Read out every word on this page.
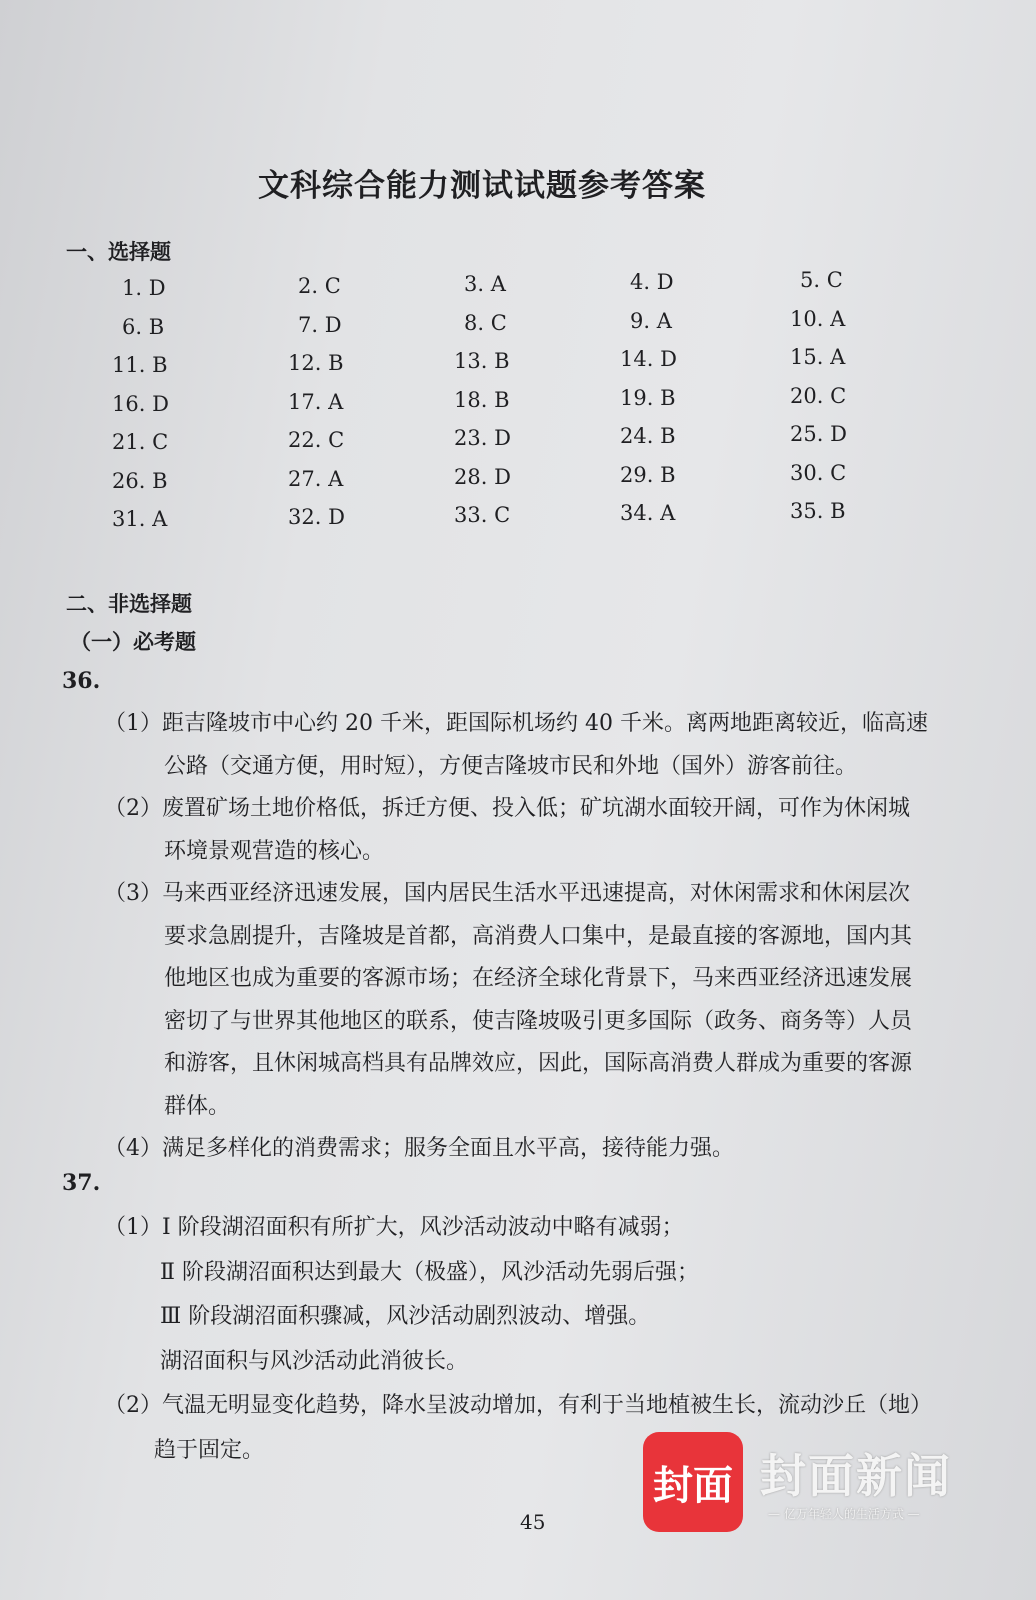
文科综合能力测试试题参考答案
一、选择题
1. D	2. C	3. A	4. D	5. C
6. B	7. D	8. C	9. A	10. A
11. B	12. B	13. B	14. D	15. A
16. D	17. A	18. B	19. B	20. C
21. C	22. C	23. D	24. B	25. D
26. B	27. A	28. D	29. B	30. C
31. A	32. D	33. C	34. A	35. B
二、非选择题
（一）必考题
36.
（1）距吉隆坡市中心约 20 千米，距国际机场约 40 千米。离两地距离较近，临高速
公路（交通方便，用时短），方便吉隆坡市民和外地（国外）游客前往。
（2）废置矿场土地价格低，拆迁方便、投入低；矿坑湖水面较开阔，可作为休闲城
环境景观营造的核心。
（3）马来西亚经济迅速发展，国内居民生活水平迅速提高，对休闲需求和休闲层次
要求急剧提升，吉隆坡是首都，高消费人口集中，是最直接的客源地，国内其
他地区也成为重要的客源市场；在经济全球化背景下，马来西亚经济迅速发展
密切了与世界其他地区的联系，使吉隆坡吸引更多国际（政务、商务等）人员
和游客，且休闲城高档具有品牌效应，因此，国际高消费人群成为重要的客源
群体。
（4）满足多样化的消费需求；服务全面且水平高，接待能力强。
37.
（1）Ⅰ 阶段湖沼面积有所扩大，风沙活动波动中略有减弱；
Ⅱ 阶段湖沼面积达到最大（极盛），风沙活动先弱后强；
Ⅲ 阶段湖沼面积骤减，风沙活动剧烈波动、增强。
湖沼面积与风沙活动此消彼长。
（2）气温无明显变化趋势，降水呈波动增加，有利于当地植被生长，流动沙丘（地）
趋于固定。
45
封面 封面新闻
— 亿万年轻人的生活方式 —
